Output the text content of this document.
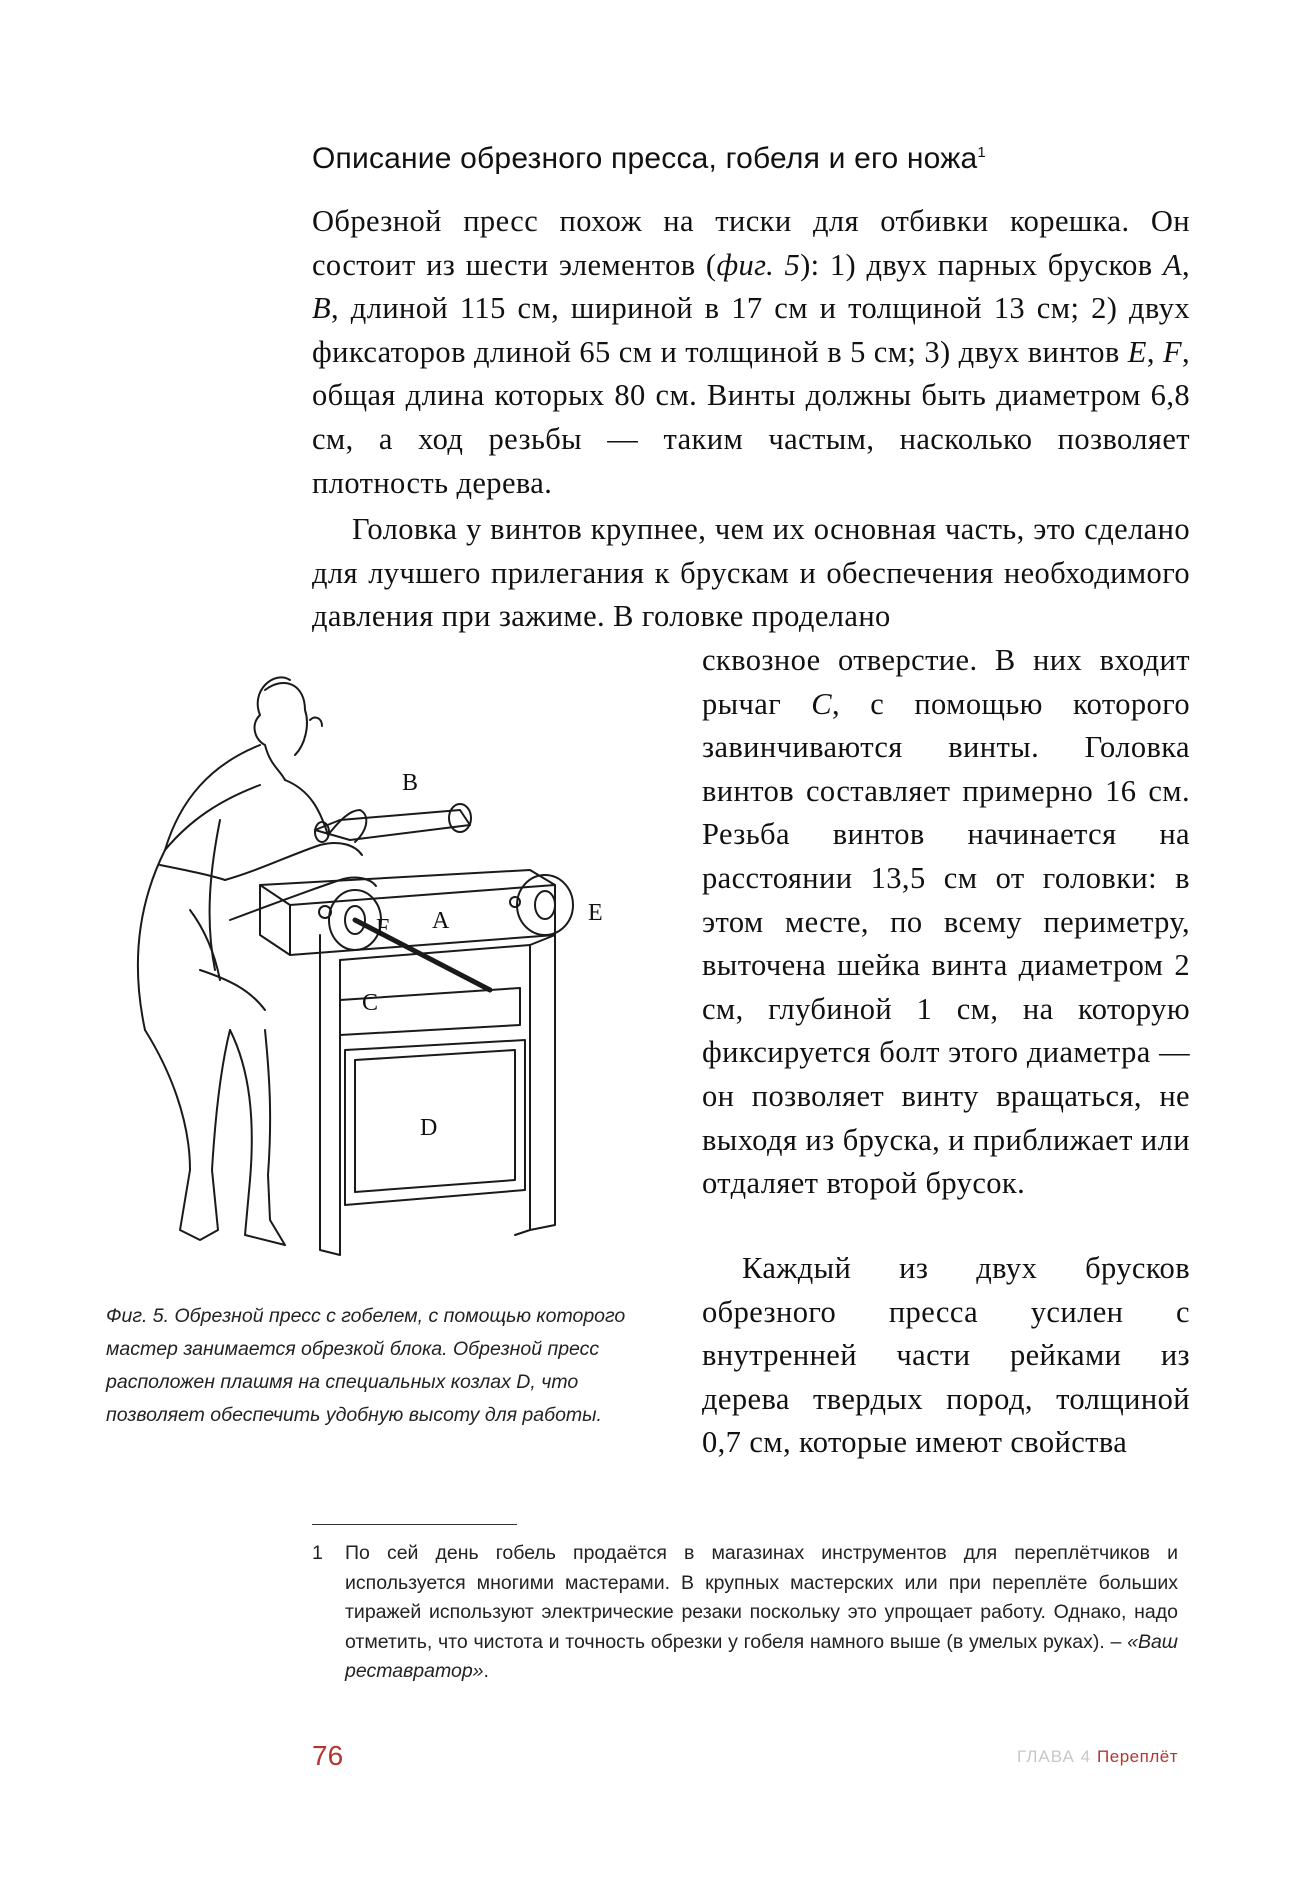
Описание обрезного пресса, гобеля и его ножа$^1$

Обрезной пресс похож на тиски для отбивки корешка. Он состоит из шести элементов (фиг. 5): 1) двух парных брусков A, B, длиной 115 см, шириной в 17 см и толщиной 13 см; 2) двух фиксаторов длиной 65 см и толщиной в 5 см; 3) двух винтов E, F, общая длина которых 80 см. Винты должны быть диаметром 6,8 см, а ход резьбы — таким частым, насколько позволяет плотность дерева.

Головка у винтов крупнее, чем их основная часть, это сделано для лучшего прилегания к брускам и обеспечения необходимого давления при зажиме. В головке проделано

сквозное отверстие. В них входит рычаг C, с помощью которого завинчиваются винты. Головка винтов составляет примерно 16 см. Резьба винтов начинается на расстоянии 13,5 см от головки: в этом месте, по всему периметру, выточена шейка винта диаметром 2 см, глубиной 1 см, на которую фиксируется болт этого диаметра — он позволяет винту вращаться, не выходя из бруска, и приближает или отдаляет второй брусок.

Каждый из двух брусков обрезного пресса усилен с внутренней части рейками из дерева твердых пород, толщиной 0,7 см, которые имеют свойства

B
A	E
F
C
D

Фиг. 5. Обрезной пресс с гобелем, с помощью которого мастер занимается обрезкой блока. Обрезной пресс расположен плашмя на специальных козлах D, что позволяет обеспечить удобную высоту для работы.

1 По сей день гобель продаётся в магазинах инструментов для переплётчиков и используется многими мастерами. В крупных мастерских или при переплёте больших тиражей используют электрические резаки поскольку это упрощает работу. Однако, надо отметить, что чистота и точность обрезки у гобеля намного выше (в умелых руках). – «Ваш реставратор».

76	ГЛАВА 4 Переплёт
